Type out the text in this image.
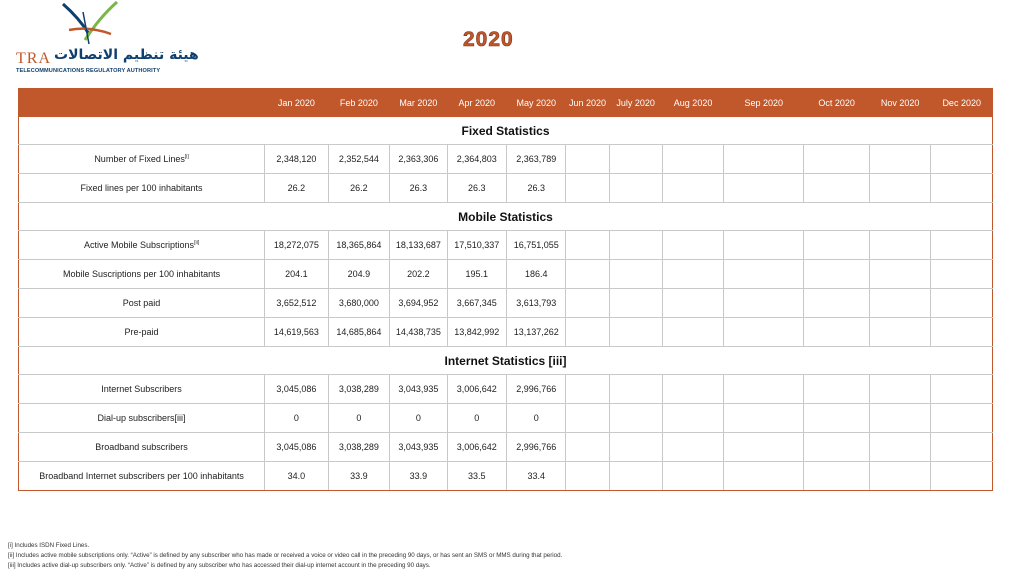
TRA هيئة تنظيم الاتصالات
TELECOMMUNICATIONS REGULATORY AUTHORITY
2020
	Jan 2020	Feb 2020	Mar 2020	Apr 2020	May 2020	Jun 2020	July 2020	Aug 2020	Sep 2020	Oct 2020	Nov 2020	Dec 2020
Fixed Statistics												
Number of Fixed Lines[i]	2,348,120	2,352,544	2,363,306	2,364,803	2,363,789							
Fixed lines per 100 inhabitants	26.2	26.2	26.3	26.3	26.3							
Mobile Statistics												
Active Mobile Subscriptions[ii]	18,272,075	18,365,864	18,133,687	17,510,337	16,751,055							
Mobile Suscriptions per 100 inhabitants	204.1	204.9	202.2	195.1	186.4							
Post paid	3,652,512	3,680,000	3,694,952	3,667,345	3,613,793							
Pre-paid	14,619,563	14,685,864	14,438,735	13,842,992	13,137,262							
Internet Statistics [iii]												
Internet Subscribers	3,045,086	3,038,289	3,043,935	3,006,642	2,996,766							
Dial-up subscribers[iii]	0	0	0	0	0							
Broadband subscribers	3,045,086	3,038,289	3,043,935	3,006,642	2,996,766							
Broadband Internet subscribers per 100 inhabitants	34.0	33.9	33.9	33.5	33.4							
[i] Includes ISDN Fixed Lines.
[ii] Includes active mobile subscriptions only. “Active” is defined by any subscriber who has made or received a voice or video call in the preceding 90 days, or has sent an SMS or MMS during that period.
[iii] Includes active dial-up subscribers only. “Active” is defined by any subscriber who has accessed their dial-up internet account in the preceding 90 days.
